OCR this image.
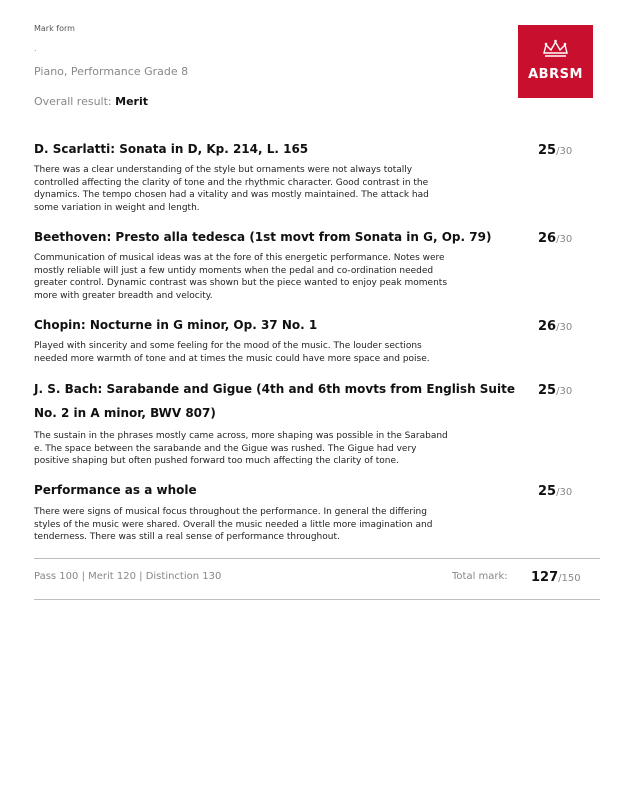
Mark form
.
Piano, Performance Grade 8
Overall result: Merit
ABRSM
D. Scarlatti: Sonata in D, Kp. 214, L. 165	25/30
There was a clear understanding of the style but ornaments were not always totally controlled affecting the clarity of tone and the rhythmic character. Good contrast in the dynamics. The tempo chosen had a vitality and was mostly maintained. The attack had some variation in weight and length.
Beethoven: Presto alla tedesca (1st movt from Sonata in G, Op. 79)	26/30
Communication of musical ideas was at the fore of this energetic performance. Notes were mostly reliable will just a few untidy moments when the pedal and co-ordination needed greater control. Dynamic contrast was shown but the piece wanted to enjoy peak moments more with greater breadth and velocity.
Chopin: Nocturne in G minor, Op. 37 No. 1	26/30
Played with sincerity and some feeling for the mood of the music. The louder sections needed more warmth of tone and at times the music could have more space and poise.
J. S. Bach: Sarabande and Gigue (4th and 6th movts from English Suite
No. 2 in A minor, BWV 807)
25/30
The sustain in the phrases mostly came across, more shaping was possible in the Saraband e. The space between the sarabande and the Gigue was rushed. The Gigue had very positive shaping but often pushed forward too much affecting the clarity of tone.
Performance as a whole	25/30
There were signs of musical focus throughout the performance. In general the differing styles of the music were shared. Overall the music needed a little more imagination and tenderness. There was still a real sense of performance throughout.
Pass 100 | Merit 120 | Distinction 130	Total mark: 127/150
